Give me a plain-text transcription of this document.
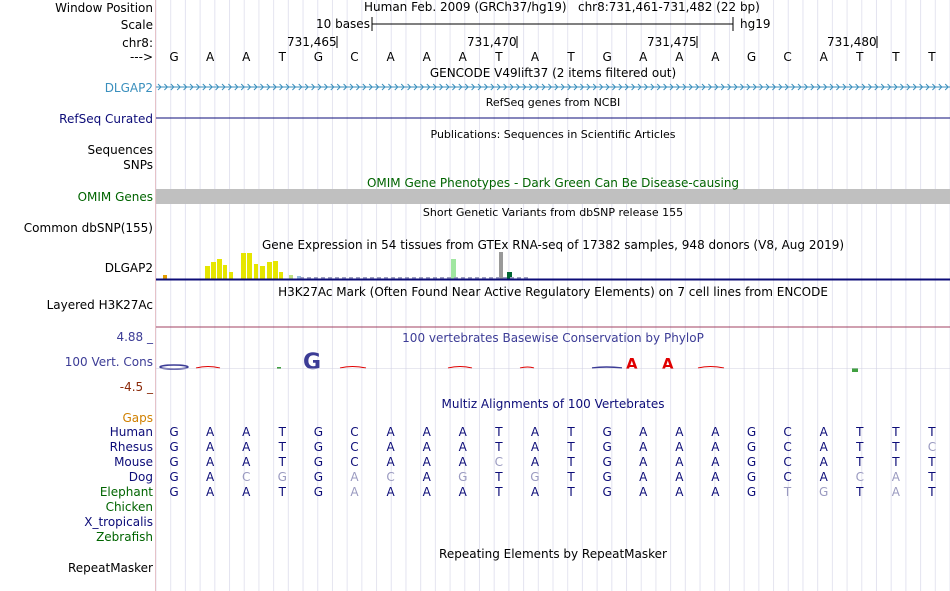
G	A A
Window Position
Scale
chr8:
--->
Human Feb. 2009 (GRCh37/hg19) chr8:731,461-731,482 (22 bp)
10 bases	hg19
731,465	731,470	731,475	731,480
G A A T G C A A A T A T G A A A G C A T T T
GENCODE V49lift37 (2 items filtered out)
DLGAP2
RefSeq genes from NCBI
RefSeq Curated
Publications: Sequences in Scientific Articles
Sequences
SNPs
OMIM Gene Phenotypes - Dark Green Can Be Disease-causing
OMIM Genes
Short Genetic Variants from dbSNP release 155
Common dbSNP(155)
Gene Expression in 54 tissues from GTEx RNA-seq of 17382 samples, 948 donors (V8, Aug 2019)
DLGAP2
H3K27Ac Mark (Often Found Near Active Regulatory Elements) on 7 cell lines from ENCODE
Layered H3K27Ac
100 vertebrates Basewise Conservation by PhyloP
4.88 _
100 Vert. Cons
-4.5 _
Multiz Alignments of 100 Vertebrates
Gaps
Human G A A T G C A A A T A T G A A A G C A T T T
Rhesus G A A T G C A A A T A T G A A A G C A T T C
Mouse G A A T G C A A A C A T G A A A G C A T T T
Dog G A C G G A C A G T G T G A A A G C A C A T
Elephant G A A T G A A A A T A T G A A A G T G T A T
Chicken
X_tropicalis
Zebrafish
Repeating Elements by RepeatMasker
RepeatMasker
